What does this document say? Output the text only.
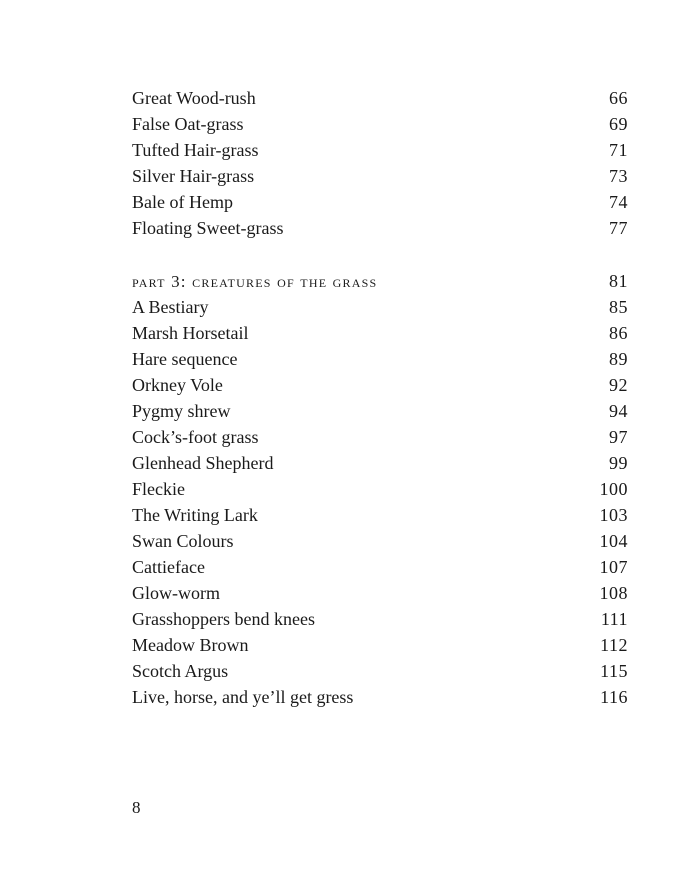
Great Wood-rush	66
False Oat-grass	69
Tufted Hair-grass	71
Silver Hair-grass	73
Bale of Hemp	74
Floating Sweet-grass	77
part 3: creatures of the grass	81
A Bestiary	85
Marsh Horsetail	86
Hare sequence	89
Orkney Vole	92
Pygmy shrew	94
Cock’s-foot grass	97
Glenhead Shepherd	99
Fleckie	100
The Writing Lark	103
Swan Colours	104
Cattieface	107
Glow-worm	108
Grasshoppers bend knees	111
Meadow Brown	112
Scotch Argus	115
Live, horse, and ye’ll get gress	116
8
